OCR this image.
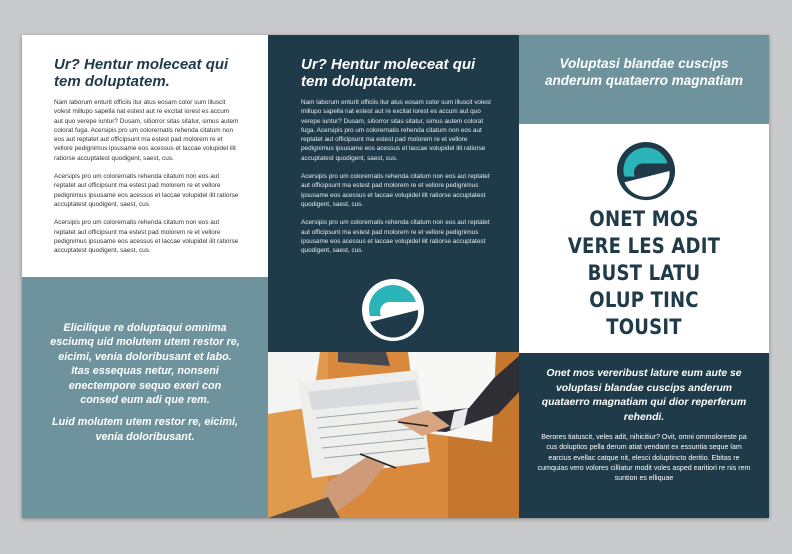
Ur? Hentur moleceat qui tem doluptatem.

Nam laborum enturit officiis itur atus eosam color sum illuscit volest millupo sapella nat estest aut re excitat iorest es accum aut quo verepe iuntur? Dusam, sitiorror sitas sitatur, simus autem colorat fuga. Acersipis pro um colorernatis rehenda citatum non eos aut reptatet aut officipsunt ma estest pad molorem re et vellore pedignimus ipsusame eos acessus et laccae volupidel ilit ratiorse accuptatest quodigent, saest, cus.

Acersipis pro um colorernatis rehenda citatum non eos aut reptatet aut officipsunt ma estest pad molorem re et vellore pedignimus ipsusame eos acessus et laccae volupidel ilit ratiorse accuptatest quodigent, saest, cus.

Acersipis pro um colorernatis rehenda citatum non eos aut reptatet aut officipsunt ma estest pad molorem re et vellore pedignimus ipsusame eos acessus et laccae volupidel ilit ratiorse accuptatest quodigent, saest, cus.

Elicilique re doluptaqui omnima esciumq uid molutem utem restor re, eicimi, venia doloribusant et labo. Itas essequas netur, nonseni enectempore sequo exeri con consed eum adi que rem.

Luid molutem utem restor re, eicimi, venia doloribusant.

Ur? Hentur moleceat qui tem doluptatem.

Nam laborum enturit officiis itur atus eosam color sum illuscit volest millupo sapella nat estest aut re excitat iorest es accum aut quo verepe iuntur? Dusam, sitiorror sitas sitatur, simus autem colorat fuga. Acersipis pro um colorernatis rehenda citatum non eos aut reptatet aut officipsunt ma estest pad molorem re et vellore pedignimus ipsusame eos acessus et laccae volupidel ilit ratiorse accuptatest quodigent, saest, cus.

Acersipis pro um colorernatis rehenda citatum non eos aut reptatet aut officipsunt ma estest pad molorem re et vellore pedignimus ipsusame eos acessus et laccae volupidel ilit ratiorse accuptatest quodigent, saest, cus.

Acersipis pro um colorernatis rehenda citatum non eos aut reptatet aut officipsunt ma estest pad molorem re et vellore pedignimus ipsusame eos acessus et laccae volupidel ilit ratiorse accuptatest quodigent, saest, cus.

Voluptasi blandae cuscips anderum quataerro magnatiam

ONET MOS
VERE LES ADIT
BUST LATU
OLUP TINC
TOUSIT

Onet mos vereribust lature eum aute se voluptasi blandae cuscips anderum quataerro magnatiam qui dior reperferum rehendi.

Berores tiatuscit, veles adit, nihicitiur? Ovit, omni ommoloreste pa cus doluptios pella derum atiat vendant ex essuntia seque lam earcius evellac catque nit, elesci doluptincto deritio. Ebitas re cumquias vero volores cilliatur modit voles asped earitiori re nis rem suntion es elliquae
